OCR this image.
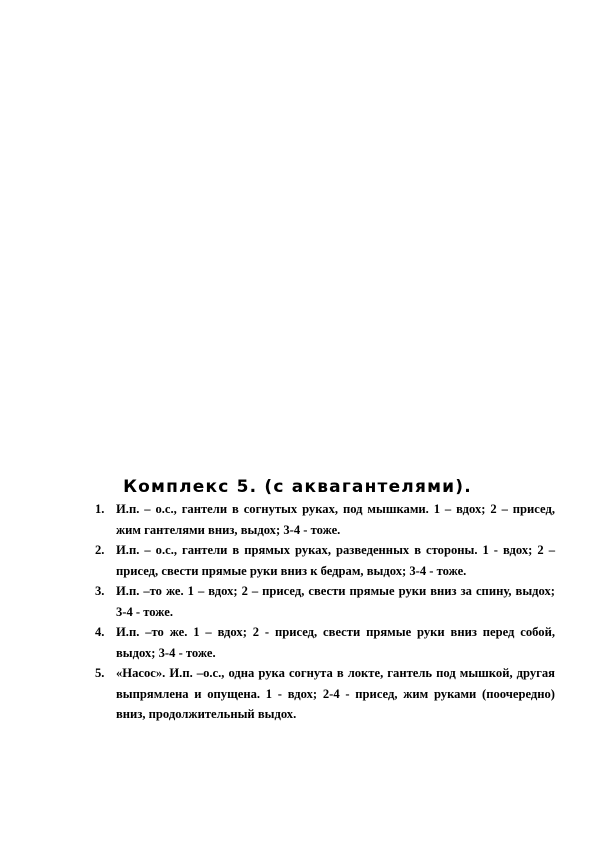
Комплекс 5. (с аквагантелями).
1. И.п. – о.с., гантели в согнутых руках, под мышками. 1 – вдох; 2 – присед, жим гантелями вниз, выдох; 3-4 - тоже.
2. И.п. – о.с., гантели в прямых руках, разведенных в стороны. 1 - вдох; 2 – присед, свести прямые руки вниз к бедрам, выдох; 3-4 - тоже.
3. И.п. –то же. 1 – вдох; 2 – присед, свести прямые руки вниз за спину, выдох; 3-4 - тоже.
4. И.п. –то же. 1 – вдох; 2 - присед, свести прямые руки вниз перед собой, выдох; 3-4 - тоже.
5. «Насос». И.п. –о.с., одна рука согнута в локте, гантель под мышкой, другая выпрямлена и опущена. 1 - вдох; 2-4 - присед, жим руками (поочередно) вниз, продолжительный выдох.
